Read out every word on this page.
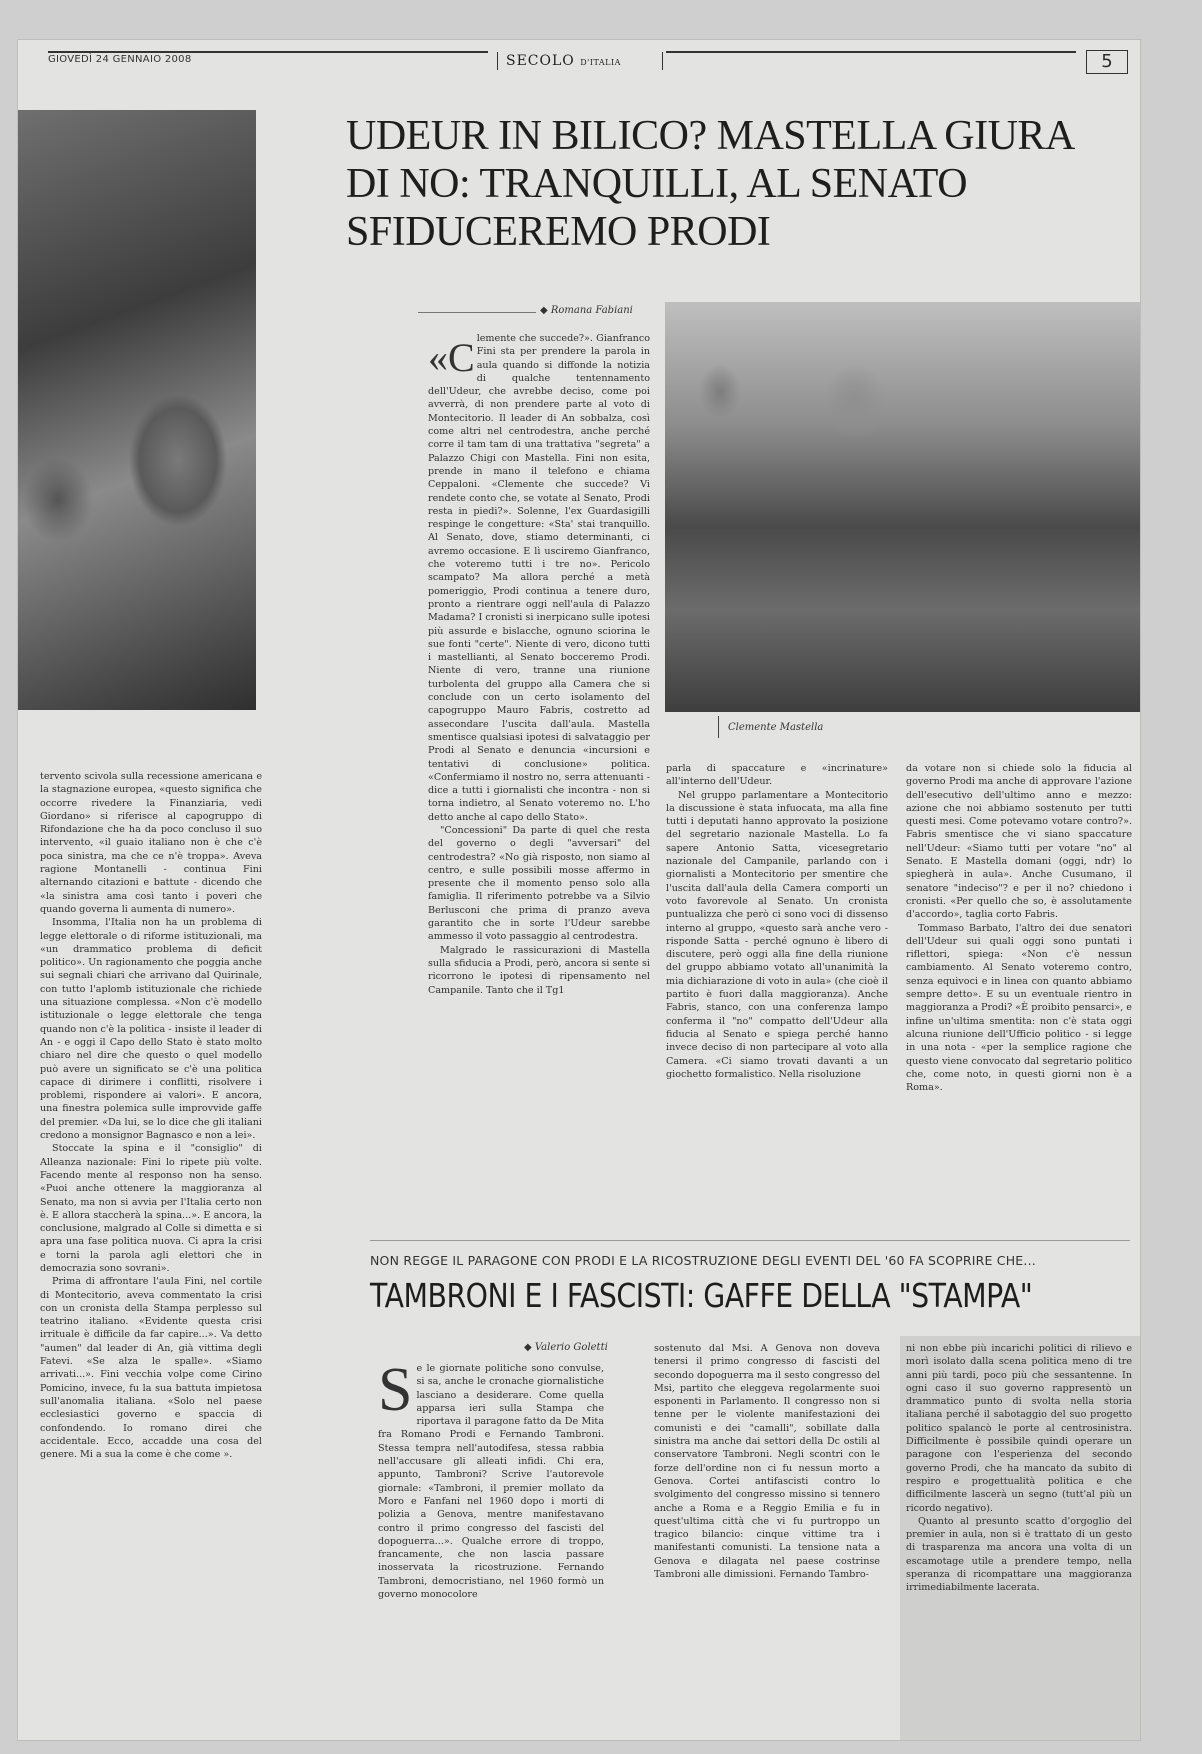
GIOVEDÌ 24 GENNAIO 2008	SECOLO D'ITALIA	5
UDEUR IN BILICO? MASTELLA GIURA DI NO: TRANQUILLI, AL SENATO SFIDUCEREMO PRODI
◆ Romana Fabiani
Clemente Mastella

«Clemente che succede?». Gianfranco Fini sta per prendere la parola in aula quando si diffonde la notizia di qualche tentennamento dell'Udeur, che avrebbe deciso, come poi avverrà, di non prendere parte al voto di Montecitorio. Il leader di An sobbalza, così come altri nel centrodestra, anche perché corre il tam tam di una trattativa "segreta" a Palazzo Chigi con Mastella. Fini non esita, prende in mano il telefono e chiama Ceppaloni. «Clemente che succede? Vi rendete conto che, se votate al Senato, Prodi resta in piedi?». Solenne, l'ex Guardasigilli respinge le congetture: «Sta' stai tranquillo. Al Senato, dove, stiamo determinanti, ci avremo occasione. E lì usciremo Gianfranco, che voteremo tutti i tre no». Pericolo scampato? Ma allora perché a metà pomeriggio, Prodi continua a tenere duro, pronto a rientrare oggi nell'aula di Palazzo Madama? I cronisti si inerpicano sulle ipotesi più assurde e bislacche, ognuno sciorina le sue fonti "certe". Niente di vero, dicono tutti i mastellianti, al Senato bocceremo Prodi. Niente di vero, tranne una riunione turbolenta del gruppo alla Camera che si conclude con un certo isolamento del capogruppo Mauro Fabris, costretto ad assecondare l'uscita dall'aula. Mastella smentisce qualsiasi ipotesi di salvataggio per Prodi al Senato e denuncia «incursioni e tentativi di conclusione» politica. «Confermiamo il nostro no, serra attenuanti - dice a tutti i giornalisti che incontra - non si torna indietro, al Senato voteremo no. L'ho detto anche al capo dello Stato».

"Concessioni" Da parte di quel che resta del governo o degli "avversari" del centrodestra? «No già risposto, non siamo al centro, e sulle possibili mosse affermo in presente che il momento penso solo alla famiglia. Il riferimento potrebbe va a Silvio Berlusconi che prima di pranzo aveva garantito che in sorte l'Udeur sarebbe ammesso il voto passaggio al centrodestra.

Malgrado le rassicurazioni di Mastella sulla sfiducia a Prodi, però, ancora si sente si ricorrono le ipotesi di ripensamento nel Campanile. Tanto che il Tg1

parla di spaccature e «incrinature» all'interno dell'Udeur.

Nel gruppo parlamentare a Montecitorio la discussione è stata infuocata, ma alla fine tutti i deputati hanno approvato la posizione del segretario nazionale Mastella. Lo fa sapere Antonio Satta, vicesegretario nazionale del Campanile, parlando con i giornalisti a Montecitorio per smentire che l'uscita dall'aula della Camera comporti un voto favorevole al Senato. Un cronista puntualizza che però ci sono voci di dissenso interno al gruppo, «questo sarà anche vero - risponde Satta - perché ognuno è libero di discutere, però oggi alla fine della riunione del gruppo abbiamo votato all'unanimità la mia dichiarazione di voto in aula» (che cioè il partito è fuori dalla maggioranza). Anche Fabris, stanco, con una conferenza lampo conferma il "no" compatto dell'Udeur alla fiducia al Senato e spiega perché hanno invece deciso di non partecipare al voto alla Camera. «Ci siamo trovati davanti a un giochetto formalistico. Nella risoluzione

da votare non si chiede solo la fiducia al governo Prodi ma anche di approvare l'azione dell'esecutivo dell'ultimo anno e mezzo: azione che noi abbiamo sostenuto per tutti questi mesi. Come potevamo votare contro?». Fabris smentisce che vi siano spaccature nell'Udeur: «Siamo tutti per votare "no" al Senato. E Mastella domani (oggi, ndr) lo spiegherà in aula». Anche Cusumano, il senatore "indeciso"? e per il no? chiedono i cronisti. «Per quello che so, è assolutamente d'accordo», taglia corto Fabris.

Tommaso Barbato, l'altro dei due senatori dell'Udeur sui quali oggi sono puntati i riflettori, spiega: «Non c'è nessun cambiamento. Al Senato voteremo contro, senza equivoci e in linea con quanto abbiamo sempre detto». E su un eventuale rientro in maggioranza a Prodi? «È proibito pensarci», e infine un'ultima smentita: non c'è stata oggi alcuna riunione dell'Ufficio politico - si legge in una nota - «per la semplice ragione che questo viene convocato dal segretario politico che, come noto, in questi giorni non è a Roma».

tervento scivola sulla recessione americana e la stagnazione europea, «questo significa che occorre rivedere la Finanziaria, vedi Giordano» si riferisce al capogruppo di Rifondazione che ha da poco concluso il suo intervento, «il guaio italiano non è che c'è poca sinistra, ma che ce n'è troppa». Aveva ragione Montanelli - continua Fini alternando citazioni e battute - dicendo che «la sinistra ama così tanto i poveri che quando governa li aumenta di numero».

Insomma, l'Italia non ha un problema di legge elettorale o di riforme istituzionali, ma «un drammatico problema di deficit politico». Un ragionamento che poggia anche sui segnali chiari che arrivano dal Quirinale, con tutto l'aplomb istituzionale che richiede una situazione complessa. «Non c'è modello istituzionale o legge elettorale che tenga quando non c'è la politica - insiste il leader di An - e oggi il Capo dello Stato è stato molto chiaro nel dire che questo o quel modello può avere un significato se c'è una politica capace di dirimere i conflitti, risolvere i problemi, rispondere ai valori». E ancora, una finestra polemica sulle improvvide gaffe del premier. «Da lui, se lo dice che gli italiani credono a monsignor Bagnasco e non a lei».

Stoccate la spina e il "consiglio" di Alleanza nazionale: Fini lo ripete più volte. Facendo mente al responso non ha senso. «Puoi anche ottenere la maggioranza al Senato, ma non si avvia per l'Italia certo non è. E allora staccherà la spina...». E ancora, la conclusione, malgrado al Colle si dimetta e si apra una fase politica nuova. Ci apra la crisi e torni la parola agli elettori che in democrazia sono sovrani».

Prima di affrontare l'aula Fini, nel cortile di Montecitorio, aveva commentato la crisi con un cronista della Stampa perplesso sul teatrino italiano. «Evidente questa crisi irrituale è difficile da far capire...». Va detto "aumen" dal leader di An, già vittima degli Fatevi. «Se alza le spalle». «Siamo arrivati...». Fini vecchia volpe come Cirino Pomicino, invece, fu la sua battuta impietosa sull'anomalia italiana. «Solo nel paese ecclesiastici governo e spaccia di confondendo. Io romano direi che accidentale. Ecco, accadde una cosa del genere. Mi a sua la come è che come ».

NON REGGE IL PARAGONE CON PRODI E LA RICOSTRUZIONE DEGLI EVENTI DEL '60 FA SCOPRIRE CHE...
TAMBRONI E I FASCISTI: GAFFE DELLA "STAMPA"
◆ Valerio Goletti

Se le giornate politiche sono convulse, si sa, anche le cronache giornalistiche lasciano a desiderare. Come quella apparsa ieri sulla Stampa che riportava il paragone fatto da De Mita fra Romano Prodi e Fernando Tambroni. Stessa tempra nell'autodifesa, stessa rabbia nell'accusare gli alleati infidi. Chi era, appunto, Tambroni? Scrive l'autorevole giornale: «Tambroni, il premier mollato da Moro e Fanfani nel 1960 dopo i morti di polizia a Genova, mentre manifestavano contro il primo congresso del fascisti del dopoguerra...». Qualche errore di troppo, francamente, che non lascia passare inosservata la ricostruzione. Fernando Tambroni, democristiano, nel 1960 formò un governo monocolore

sostenuto dal Msi. A Genova non doveva tenersi il primo congresso di fascisti del secondo dopoguerra ma il sesto congresso del Msi, partito che eleggeva regolarmente suoi esponenti in Parlamento. Il congresso non si tenne per le violente manifestazioni dei comunisti e dei "camalli", sobillate dalla sinistra ma anche dai settori della Dc ostili al conservatore Tambroni. Negli scontri con le forze dell'ordine non ci fu nessun morto a Genova. Cortei antifascisti contro lo svolgimento del congresso missino si tennero anche a Roma e a Reggio Emilia e fu in quest'ultima città che vi fu purtroppo un tragico bilancio: cinque vittime tra i manifestanti comunisti. La tensione nata a Genova e dilagata nel paese costrinse Tambroni alle dimissioni. Fernando Tambro-

ni non ebbe più incarichi politici di rilievo e morì isolato dalla scena politica meno di tre anni più tardi, poco più che sessantenne. In ogni caso il suo governo rappresentò un drammatico punto di svolta nella storia italiana perché il sabotaggio del suo progetto politico spalancò le porte al centrosinistra. Difficilmente è possibile quindi operare un paragone con l'esperienza del secondo governo Prodi, che ha mancato da subito di respiro e progettualità politica e che difficilmente lascerà un segno (tutt'al più un ricordo negativo).

Quanto al presunto scatto d'orgoglio del premier in aula, non si è trattato di un gesto di trasparenza ma ancora una volta di un escamotage utile a prendere tempo, nella speranza di ricompattare una maggioranza irrimediabilmente lacerata.
